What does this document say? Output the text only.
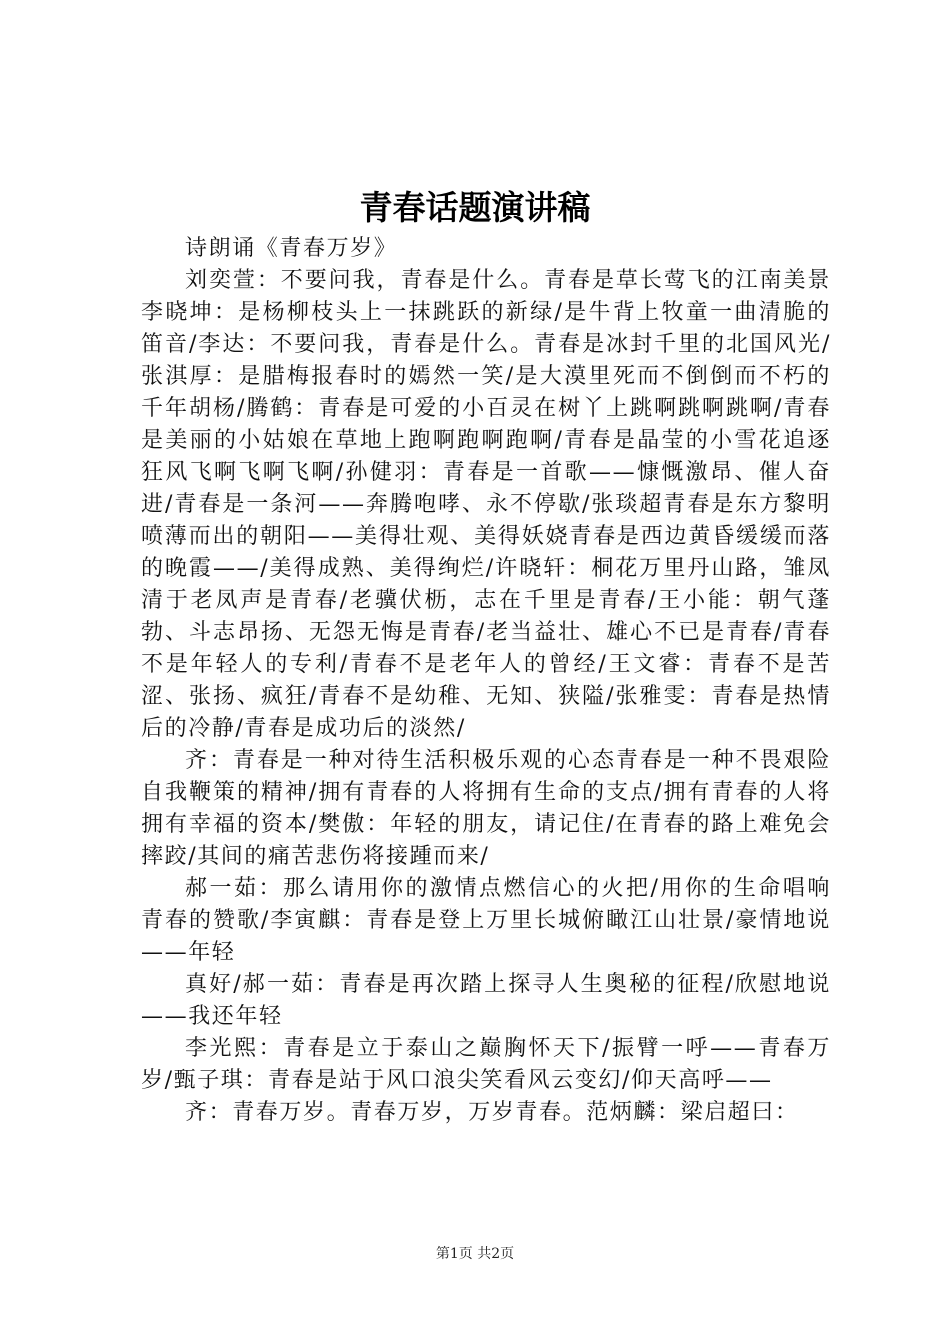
青春话题演讲稿

诗朗诵《青春万岁》

刘奕萱：不要问我，青春是什么。青春是草长莺飞的江南美景李晓坤：是杨柳枝头上一抹跳跃的新绿/是牛背上牧童一曲清脆的笛音/李达：不要问我，青春是什么。青春是冰封千里的北国风光/张淇厚：是腊梅报春时的嫣然一笑/是大漠里死而不倒倒而不朽的千年胡杨/腾鹤：青春是可爱的小百灵在树丫上跳啊跳啊跳啊/青春是美丽的小姑娘在草地上跑啊跑啊跑啊/青春是晶莹的小雪花追逐狂风飞啊飞啊飞啊/孙健羽：青春是一首歌——慷慨激昂、催人奋进/青春是一条河——奔腾咆哮、永不停歇/张琰超青春是东方黎明喷薄而出的朝阳——美得壮观、美得妖娆青春是西边黄昏缓缓而落的晚霞——/美得成熟、美得绚烂/许晓轩：桐花万里丹山路，雏凤清于老凤声是青春/老骥伏枥，志在千里是青春/王小能：朝气蓬勃、斗志昂扬、无怨无悔是青春/老当益壮、雄心不已是青春/青春不是年轻人的专利/青春不是老年人的曾经/王文睿：青春不是苦涩、张扬、疯狂/青春不是幼稚、无知、狭隘/张雅雯：青春是热情后的冷静/青春是成功后的淡然/

齐：青春是一种对待生活积极乐观的心态青春是一种不畏艰险自我鞭策的精神/拥有青春的人将拥有生命的支点/拥有青春的人将拥有幸福的资本/樊傲：年轻的朋友，请记住/在青春的路上难免会摔跤/其间的痛苦悲伤将接踵而来/

郝一茹：那么请用你的激情点燃信心的火把/用你的生命唱响青春的赞歌/李寅麒：青春是登上万里长城俯瞰江山壮景/豪情地说——年轻

真好/郝一茹：青春是再次踏上探寻人生奥秘的征程/欣慰地说——我还年轻

李光熙：青春是立于泰山之巅胸怀天下/振臂一呼——青春万岁/甄子琪：青春是站于风口浪尖笑看风云变幻/仰天高呼——

齐：青春万岁。青春万岁，万岁青春。范炳麟：梁启超曰：

第1页 共2页
